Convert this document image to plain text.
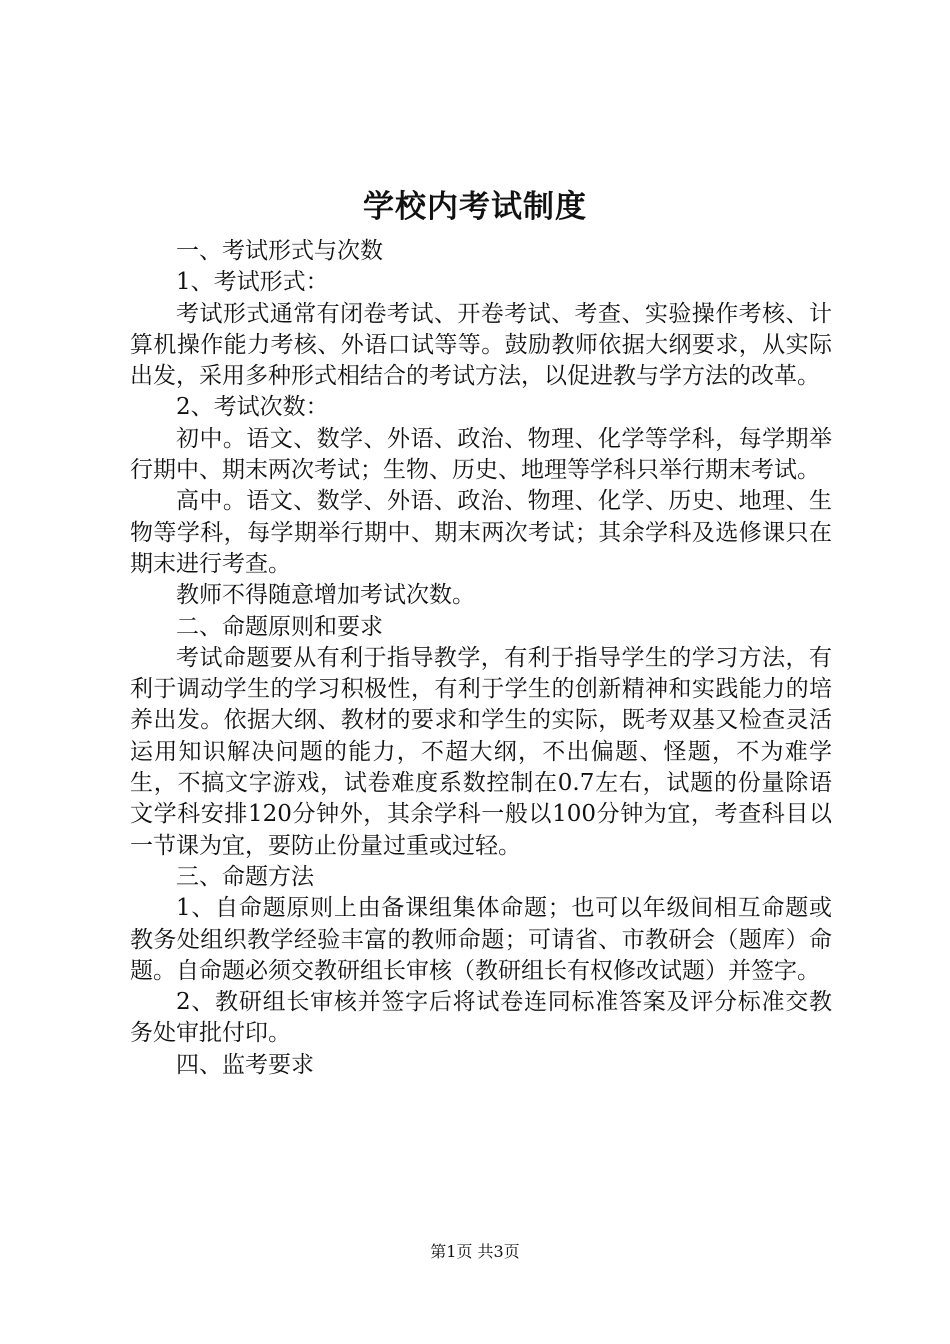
学校内考试制度

一、考试形式与次数

1、考试形式：

考试形式通常有闭卷考试、开卷考试、考查、实验操作考核、计算机操作能力考核、外语口试等等。鼓励教师依据大纲要求，从实际出发，采用多种形式相结合的考试方法，以促进教与学方法的改革。

2、考试次数：

初中。语文、数学、外语、政治、物理、化学等学科，每学期举行期中、期末两次考试；生物、历史、地理等学科只举行期末考试。

高中。语文、数学、外语、政治、物理、化学、历史、地理、生物等学科，每学期举行期中、期末两次考试；其余学科及选修课只在期末进行考查。

教师不得随意增加考试次数。

二、命题原则和要求

考试命题要从有利于指导教学，有利于指导学生的学习方法，有利于调动学生的学习积极性，有利于学生的创新精神和实践能力的培养出发。依据大纲、教材的要求和学生的实际，既考双基又检查灵活运用知识解决问题的能力，不超大纲，不出偏题、怪题，不为难学生，不搞文字游戏，试卷难度系数控制在0.7左右，试题的份量除语文学科安排120分钟外，其余学科一般以100分钟为宜，考查科目以一节课为宜，要防止份量过重或过轻。

三、命题方法

1、自命题原则上由备课组集体命题；也可以年级间相互命题或教务处组织教学经验丰富的教师命题；可请省、市教研会（题库）命题。自命题必须交教研组长审核（教研组长有权修改试题）并签字。

2、教研组长审核并签字后将试卷连同标准答案及评分标准交教务处审批付印。

四、监考要求

第1页 共3页
